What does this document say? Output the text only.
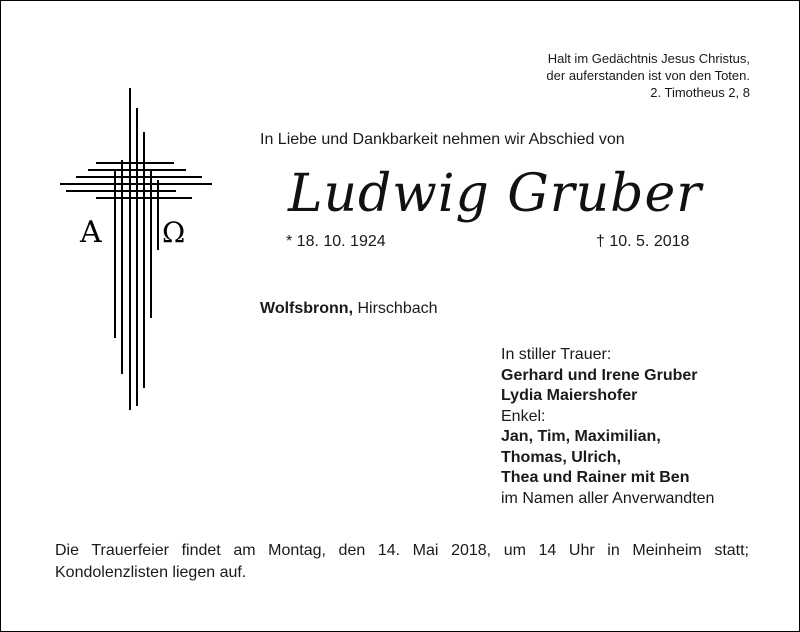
Halt im Gedächtnis Jesus Christus,
der auferstanden ist von den Toten.
2. Timotheus 2, 8
Α Ω
In Liebe und Dankbarkeit nehmen wir Abschied von
Ludwig Gruber
* 18. 10. 1924	† 10. 5. 2018
Wolfsbronn, Hirschbach
In stiller Trauer:
Gerhard und Irene Gruber
Lydia Maiershofer
Enkel:
Jan, Tim, Maximilian,
Thomas, Ulrich,
Thea und Rainer mit Ben
im Namen aller Anverwandten
Die Trauerfeier findet am Montag, den 14. Mai 2018, um 14 Uhr in Meinheim statt;
Kondolenzlisten liegen auf.
